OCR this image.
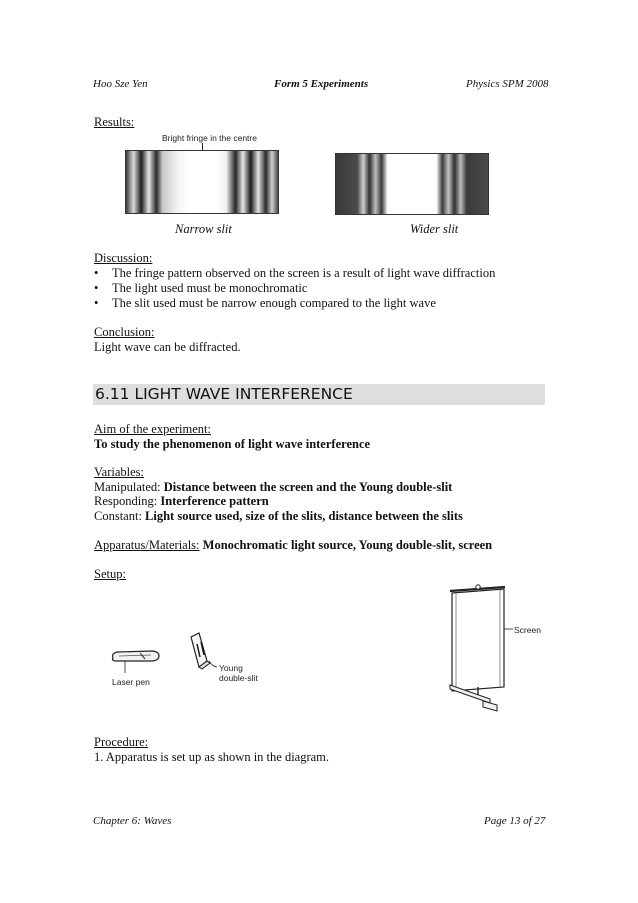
Hoo Sze Yen	Form 5 Experiments	Physics SPM 2008
Results:
Bright fringe in the centre
Narrow slit	Wider slit
Discussion:
• The fringe pattern observed on the screen is a result of light wave diffraction
• The light used must be monochromatic
• The slit used must be narrow enough compared to the light wave
Conclusion:
Light wave can be diffracted.
6.11 LIGHT WAVE INTERFERENCE
Aim of the experiment:
To study the phenomenon of light wave interference
Variables:
Manipulated: Distance between the screen and the Young double-slit
Responding: Interference pattern
Constant: Light source used, size of the slits, distance between the slits
Apparatus/Materials: Monochromatic light source, Young double-slit, screen
Setup:
Laser pen
Young
double-slit
Screen
Procedure:
1. Apparatus is set up as shown in the diagram.
Chapter 6: Waves	Page 13 of 27
